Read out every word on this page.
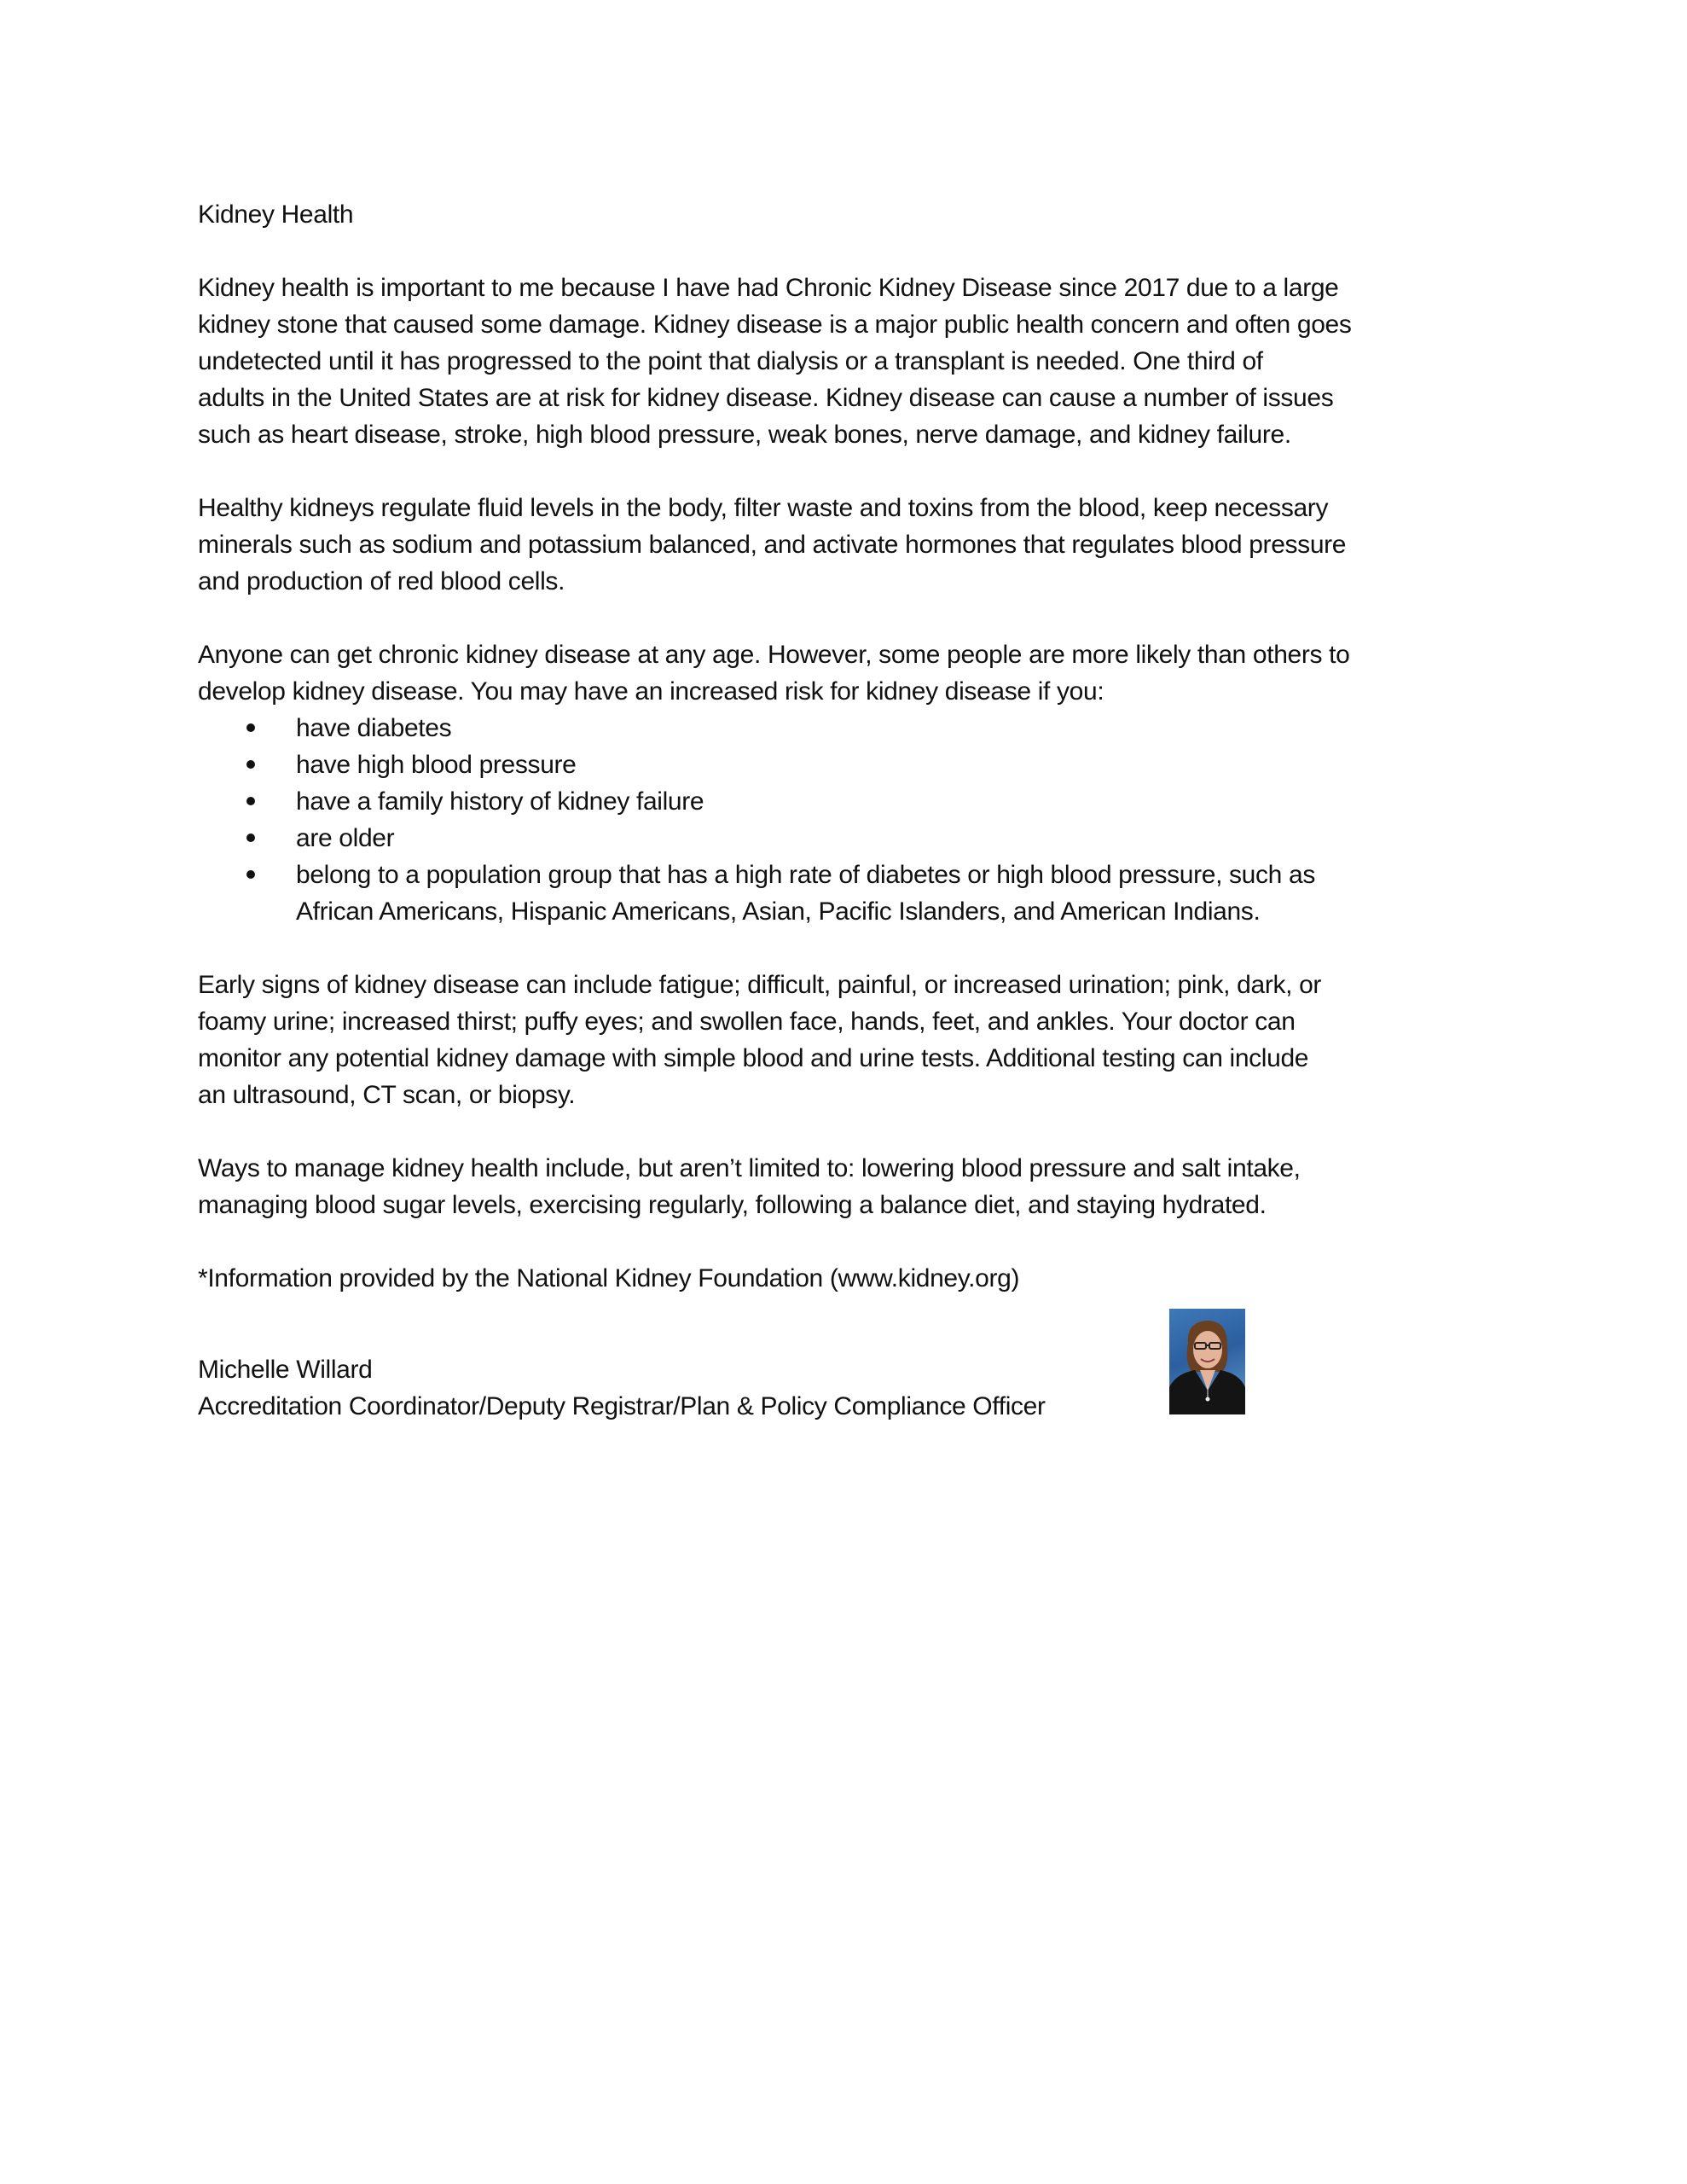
Kidney Health
Kidney health is important to me because I have had Chronic Kidney Disease since 2017 due to a large
kidney stone that caused some damage. Kidney disease is a major public health concern and often goes
undetected until it has progressed to the point that dialysis or a transplant is needed. One third of
adults in the United States are at risk for kidney disease. Kidney disease can cause a number of issues
such as heart disease, stroke, high blood pressure, weak bones, nerve damage, and kidney failure.
Healthy kidneys regulate fluid levels in the body, filter waste and toxins from the blood, keep necessary
minerals such as sodium and potassium balanced, and activate hormones that regulates blood pressure
and production of red blood cells.
Anyone can get chronic kidney disease at any age. However, some people are more likely than others to
develop kidney disease. You may have an increased risk for kidney disease if you:
have diabetes
have high blood pressure
have a family history of kidney failure
are older
belong to a population group that has a high rate of diabetes or high blood pressure, such as
African Americans, Hispanic Americans, Asian, Pacific Islanders, and American Indians.
Early signs of kidney disease can include fatigue; difficult, painful, or increased urination; pink, dark, or
foamy urine; increased thirst; puffy eyes; and swollen face, hands, feet, and ankles. Your doctor can
monitor any potential kidney damage with simple blood and urine tests. Additional testing can include
an ultrasound, CT scan, or biopsy.
Ways to manage kidney health include, but aren’t limited to: lowering blood pressure and salt intake,
managing blood sugar levels, exercising regularly, following a balance diet, and staying hydrated.
*Information provided by the National Kidney Foundation (www.kidney.org)
Michelle Willard
Accreditation Coordinator/Deputy Registrar/Plan & Policy Compliance Officer
